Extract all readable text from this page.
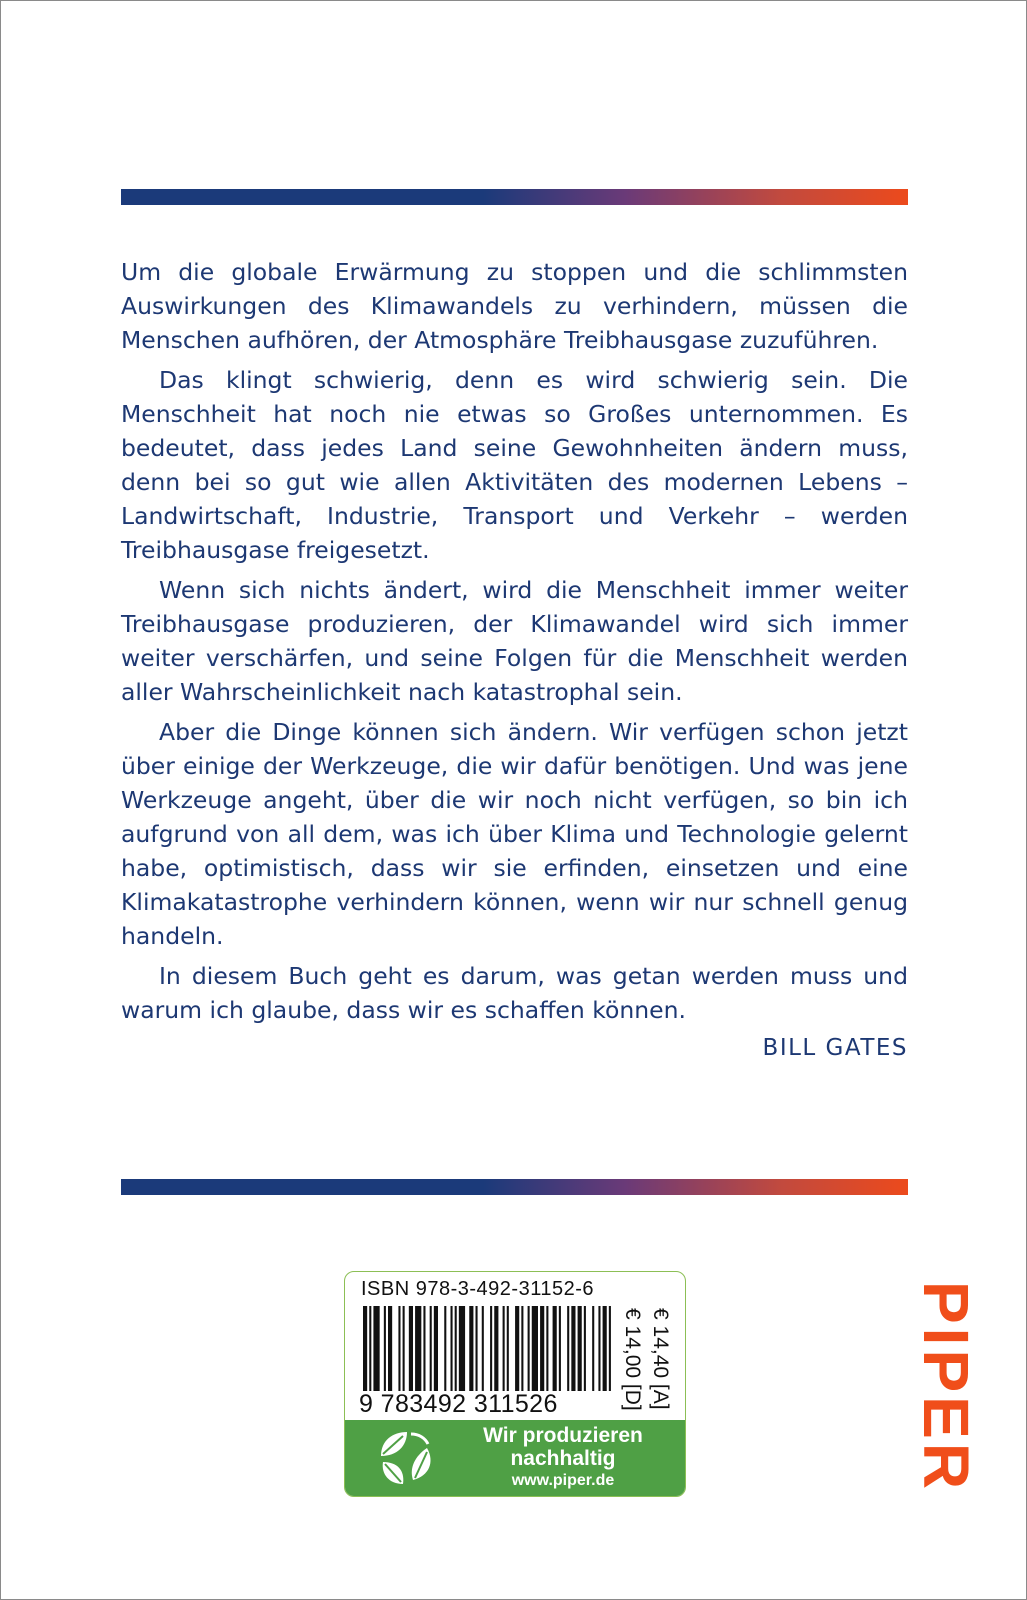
Um die globale Erwärmung zu stoppen und die schlimmsten Auswirkungen des Klimawandels zu verhindern, müssen die Menschen aufhören, der Atmosphäre Treibhausgase zuzuführen.

Das klingt schwierig, denn es wird schwierig sein. Die Menschheit hat noch nie etwas so Großes unternommen. Es bedeutet, dass jedes Land seine Gewohnheiten ändern muss, denn bei so gut wie allen Aktivitäten des modernen Lebens – Landwirtschaft, Industrie, Transport und Verkehr – werden Treibhausgase freigesetzt.

Wenn sich nichts ändert, wird die Menschheit immer weiter Treibhausgase produzieren, der Klimawandel wird sich immer weiter verschärfen, und seine Folgen für die Menschheit werden aller Wahrscheinlichkeit nach katastrophal sein.

Aber die Dinge können sich ändern. Wir verfügen schon jetzt über einige der Werkzeuge, die wir dafür benötigen. Und was jene Werkzeuge angeht, über die wir noch nicht verfügen, so bin ich aufgrund von all dem, was ich über Klima und Technologie gelernt habe, optimistisch, dass wir sie erfinden, einsetzen und eine Klimakatastrophe verhindern können, wenn wir nur schnell genug handeln.

In diesem Buch geht es darum, was getan werden muss und warum ich glaube, dass wir es schaffen können.

BILL GATES
ISBN 978-3-492-31152-6
9 783492 311526	€ 14,00 [D] € 14,40 [A]
Wir produzieren
nachhaltig
www.piper.de	PIPER
